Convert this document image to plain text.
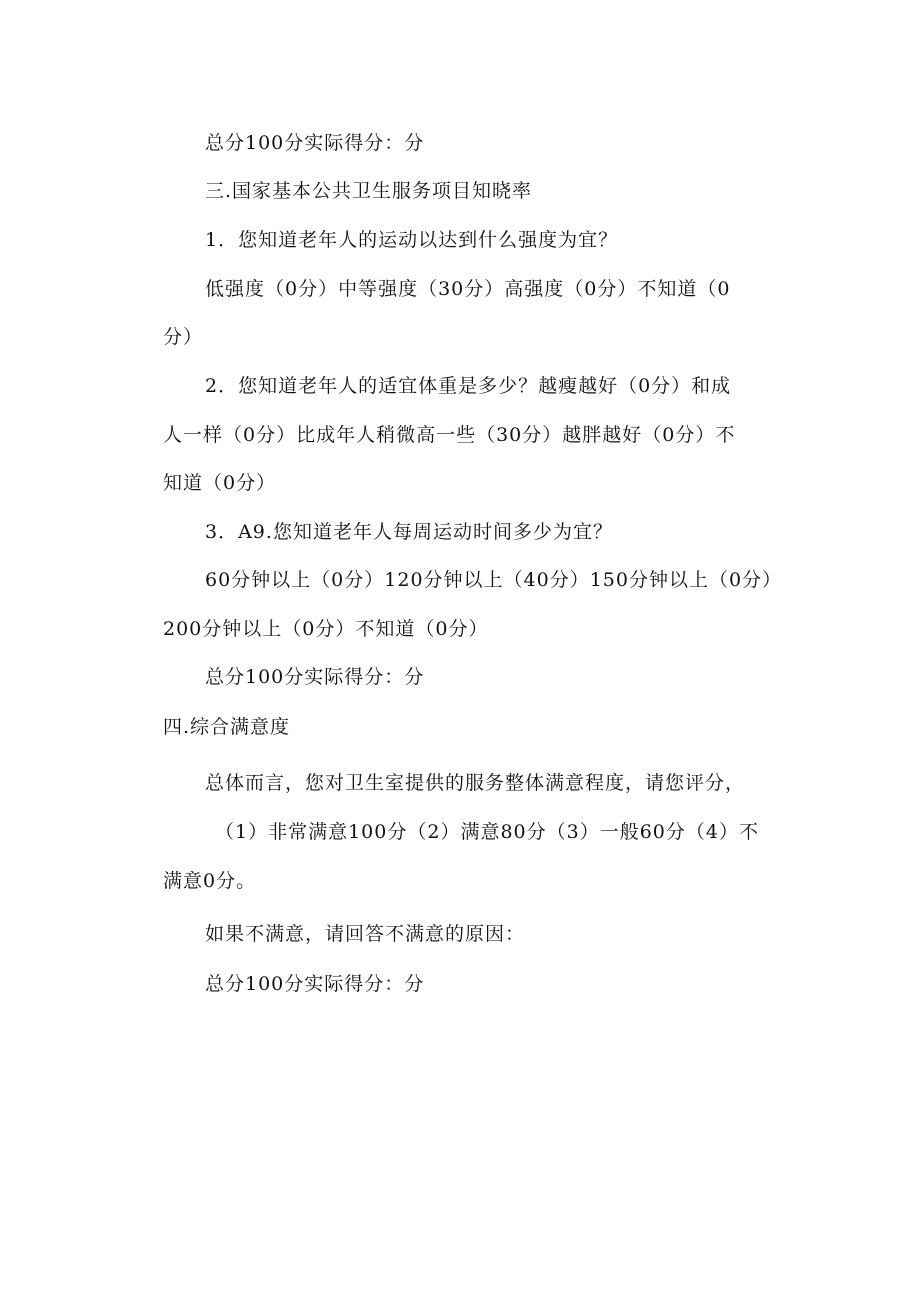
总分100分实际得分：分
三.国家基本公共卫生服务项目知晓率
1．您知道老年人的运动以达到什么强度为宜？
低强度（0分）中等强度（30分）高强度（0分）不知道（0
分）
2．您知道老年人的适宜体重是多少？越瘦越好（0分）和成
人一样（0分）比成年人稍微高一些（30分）越胖越好（0分）不
知道（0分）
3．A9.您知道老年人每周运动时间多少为宜？
60分钟以上（0分）120分钟以上（40分）150分钟以上（0分）
200分钟以上（0分）不知道（0分）
总分100分实际得分：分
四.综合满意度
总体而言，您对卫生室提供的服务整体满意程度，请您评分，
（1）非常满意100分（2）满意80分（3）一般60分（4）不
满意0分。
如果不满意，请回答不满意的原因：
总分100分实际得分：分
